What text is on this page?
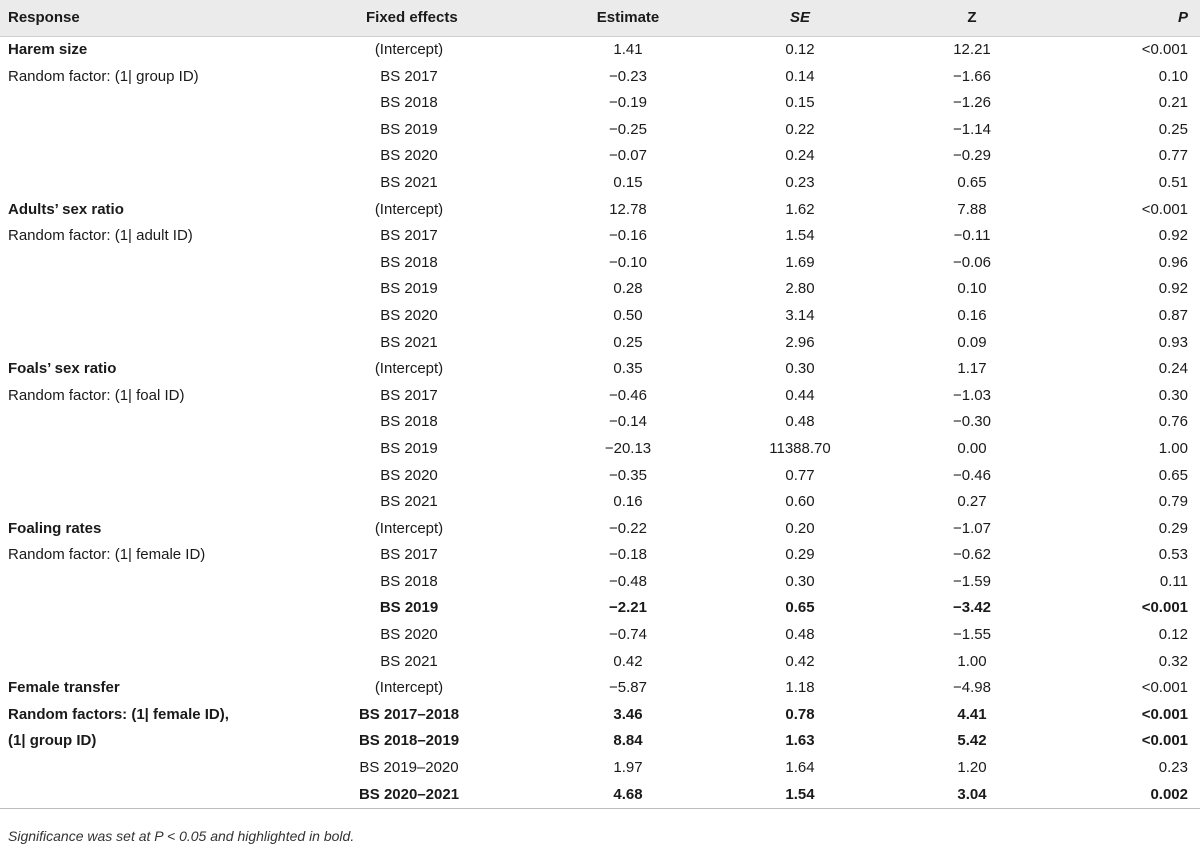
Response	Fixed effects	Estimate	SE	Z	P
Harem size	(Intercept)	1.41	0.12	12.21	<0.001
Random factor: (1| group ID)	BS 2017	−0.23	0.14	−1.66	0.10
	BS 2018	−0.19	0.15	−1.26	0.21
	BS 2019	−0.25	0.22	−1.14	0.25
	BS 2020	−0.07	0.24	−0.29	0.77
	BS 2021	0.15	0.23	0.65	0.51
Adults’ sex ratio	(Intercept)	12.78	1.62	7.88	<0.001
Random factor: (1| adult ID)	BS 2017	−0.16	1.54	−0.11	0.92
	BS 2018	−0.10	1.69	−0.06	0.96
	BS 2019	0.28	2.80	0.10	0.92
	BS 2020	0.50	3.14	0.16	0.87
	BS 2021	0.25	2.96	0.09	0.93
Foals’ sex ratio	(Intercept)	0.35	0.30	1.17	0.24
Random factor: (1| foal ID)	BS 2017	−0.46	0.44	−1.03	0.30
	BS 2018	−0.14	0.48	−0.30	0.76
	BS 2019	−20.13	11388.70	0.00	1.00
	BS 2020	−0.35	0.77	−0.46	0.65
	BS 2021	0.16	0.60	0.27	0.79
Foaling rates	(Intercept)	−0.22	0.20	−1.07	0.29
Random factor: (1| female ID)	BS 2017	−0.18	0.29	−0.62	0.53
	BS 2018	−0.48	0.30	−1.59	0.11
	BS 2019	−2.21	0.65	−3.42	<0.001
	BS 2020	−0.74	0.48	−1.55	0.12
	BS 2021	0.42	0.42	1.00	0.32
Female transfer	(Intercept)	−5.87	1.18	−4.98	<0.001
Random factors: (1| female ID),	BS 2017–2018	3.46	0.78	4.41	<0.001
(1| group ID)	BS 2018–2019	8.84	1.63	5.42	<0.001
	BS 2019–2020	1.97	1.64	1.20	0.23
	BS 2020–2021	4.68	1.54	3.04	0.002
Significance was set at P < 0.05 and highlighted in bold.
